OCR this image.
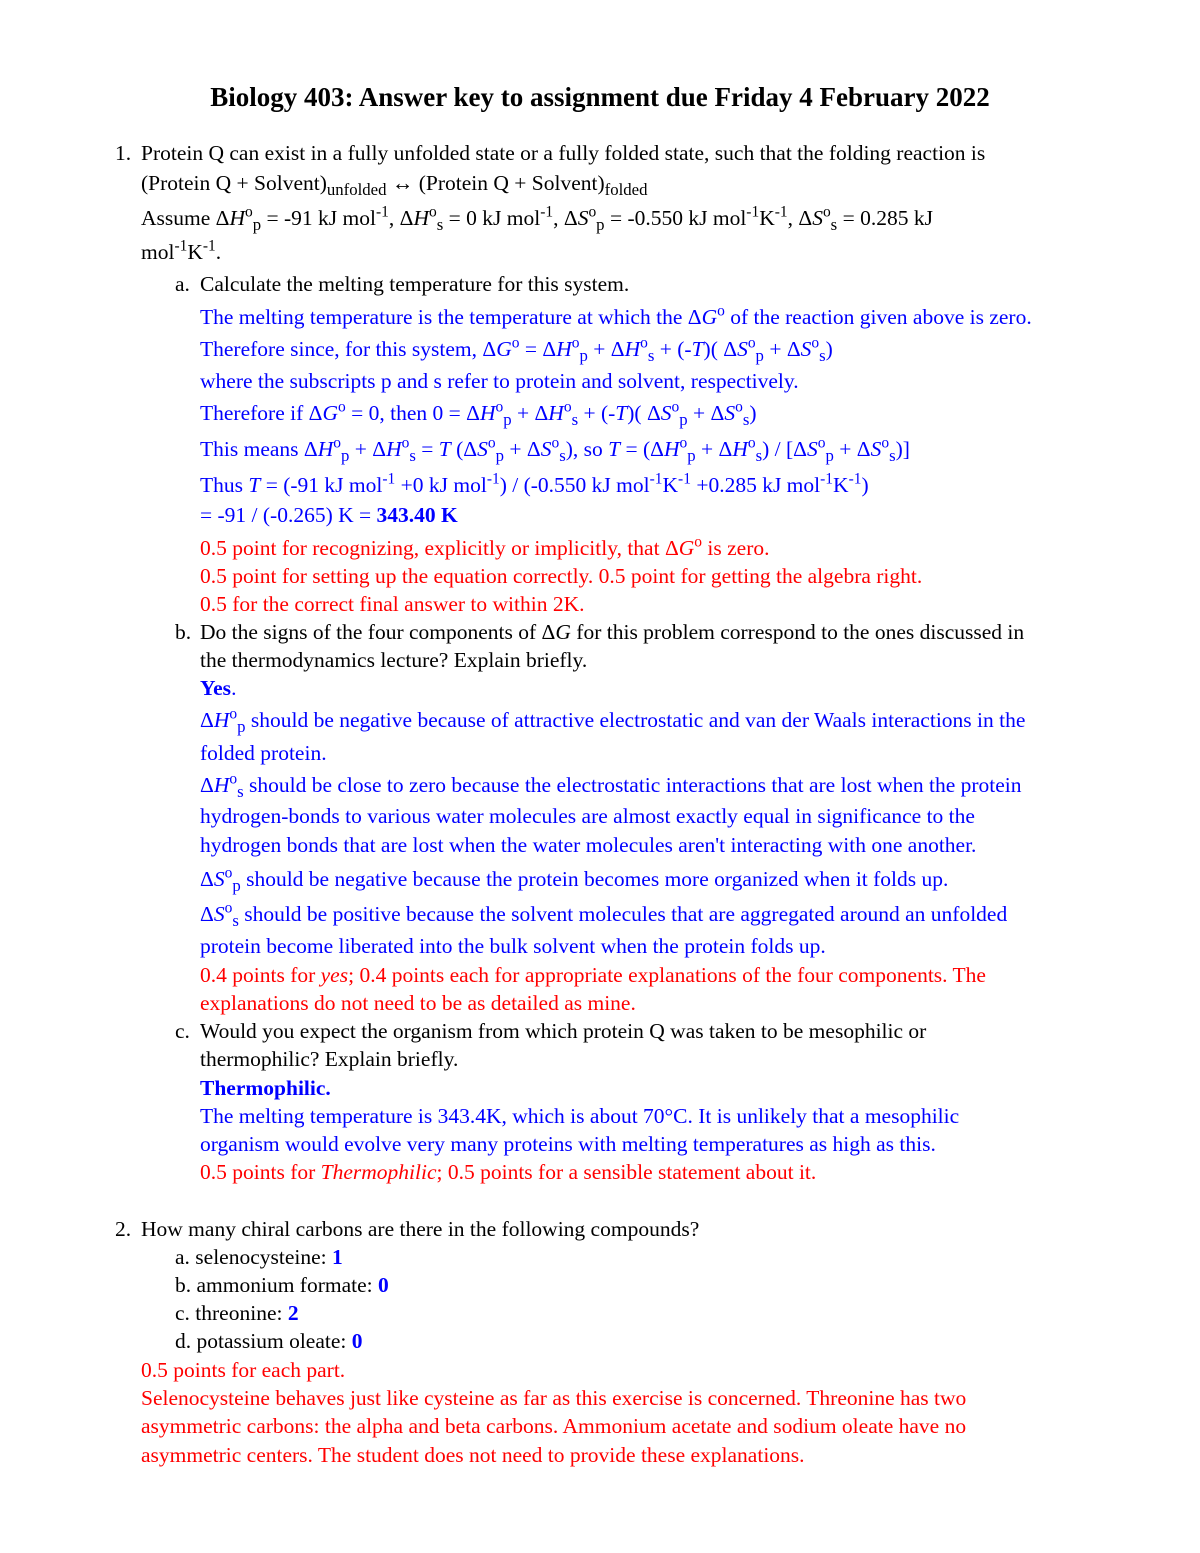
Biology 403: Answer key to assignment due Friday 4 February 2022
1. Protein Q can exist in a fully unfolded state or a fully folded state, such that the folding reaction is
(Protein $Q + Solvent)_{unfolded}$ ↔ (Protein $Q + Solvent)_{folded}$
Assume $\Delta H^o_p = -91$ kJ mol$^{-1}$, $\Delta H^o_s = 0$ kJ mol$^{-1}$, $\Delta S^o_p = -0.550$ kJ $mol^{-1}K^{-1}$, $\Delta S^o_s = 0.285$ kJ
$mol^{-1}K^{-1}$.
a. Calculate the melting temperature for this system.
The melting temperature is the temperature at which the $\Delta G^o$ of the reaction given above is zero.
Therefore since, for this system, $\Delta G^o = \Delta H^o_p + \Delta H^o_s + (-T)$( $\Delta S^o_p + \Delta S^o_s$)
where the subscripts p and s refer to protein and solvent, respectively.
Therefore if $\Delta G^o = 0$, then $0 = \Delta H^o_p + \Delta H^o_s + (-T)$( $\Delta S^o_p + \Delta S^o_s$)
This means $\Delta H^o_p + \Delta H^o_s = T$ $(\Delta S^o_p + \Delta S^o_s)$, so $T = (\Delta H^o_p + \Delta H^o_s) / [\Delta S^o_p + \Delta S^o_s)$]
Thus T = (-91 kJ mol$^{-1}$ +0 kJ mol$^{-1}$) / (-0.550 kJ $mol^{-1}K^{-1} +0.285$ kJ $mol^{-1}K^{-1}$)
= -91 / (-0.265) K = 343.40 K
0.5 point for recognizing, explicitly or implicitly, that $\Delta G^o$ is zero.
0.5 point for setting up the equation correctly. 0.5 point for getting the algebra right.
0.5 for the correct final answer to within 2K.
b. Do the signs of the four components of ΔG for this problem correspond to the ones discussed in
the thermodynamics lecture? Explain briefly.
Yes.
$\Delta H^o_p$ should be negative because of attractive electrostatic and van der Waals interactions in the
folded protein.
$\Delta H^o_s$ should be close to zero because the electrostatic interactions that are lost when the protein
hydrogen-bonds to various water molecules are almost exactly equal in significance to the
hydrogen bonds that are lost when the water molecules aren't interacting with one another.
$\Delta S^o_p$ should be negative because the protein becomes more organized when it folds up.
$\Delta S^o_s$ should be positive because the solvent molecules that are aggregated around an unfolded
protein become liberated into the bulk solvent when the protein folds up.
0.4 points for yes; 0.4 points each for appropriate explanations of the four components. The
explanations do not need to be as detailed as mine.
c. Would you expect the organism from which protein Q was taken to be mesophilic or
thermophilic? Explain briefly.
Thermophilic.
The melting temperature is 343.4K, which is about 70°C. It is unlikely that a mesophilic
organism would evolve very many proteins with melting temperatures as high as this.
0.5 points for Thermophilic; 0.5 points for a sensible statement about it.
2. How many chiral carbons are there in the following compounds?
a. selenocysteine: 1
b. ammonium formate: 0
c. threonine: 2
d. potassium oleate: 0
0.5 points for each part.
Selenocysteine behaves just like cysteine as far as this exercise is concerned. Threonine has two
asymmetric carbons: the alpha and beta carbons. Ammonium acetate and sodium oleate have no
asymmetric centers. The student does not need to provide these explanations.
